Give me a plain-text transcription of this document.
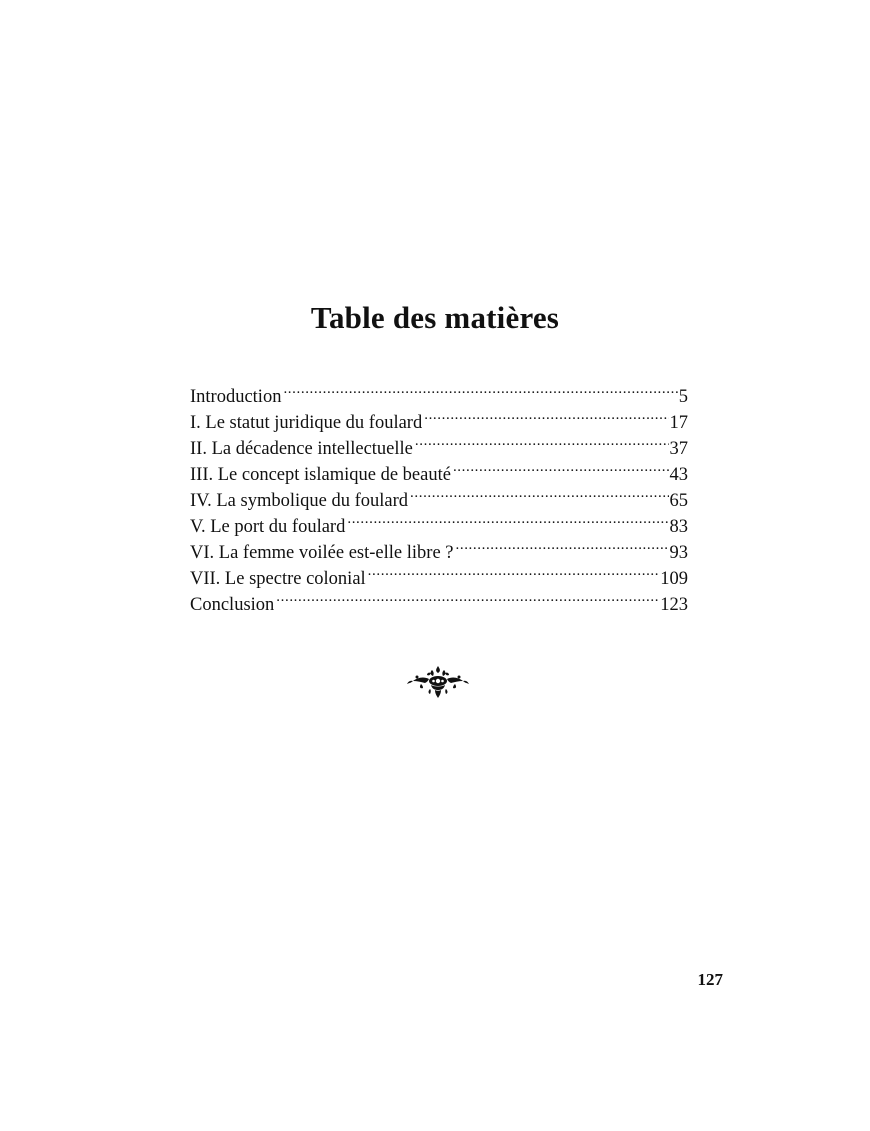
Table des matières
Introduction .....	5
I. Le statut juridique du foulard .....	17
II. La décadence intellectuelle .....	37
III. Le concept islamique de beauté .....	43
IV. La symbolique du foulard .....	65
V. Le port du foulard .....	83
VI. La femme voilée est-elle libre ? .....	93
VII. Le spectre colonial .....	109
Conclusion .....	123
127
